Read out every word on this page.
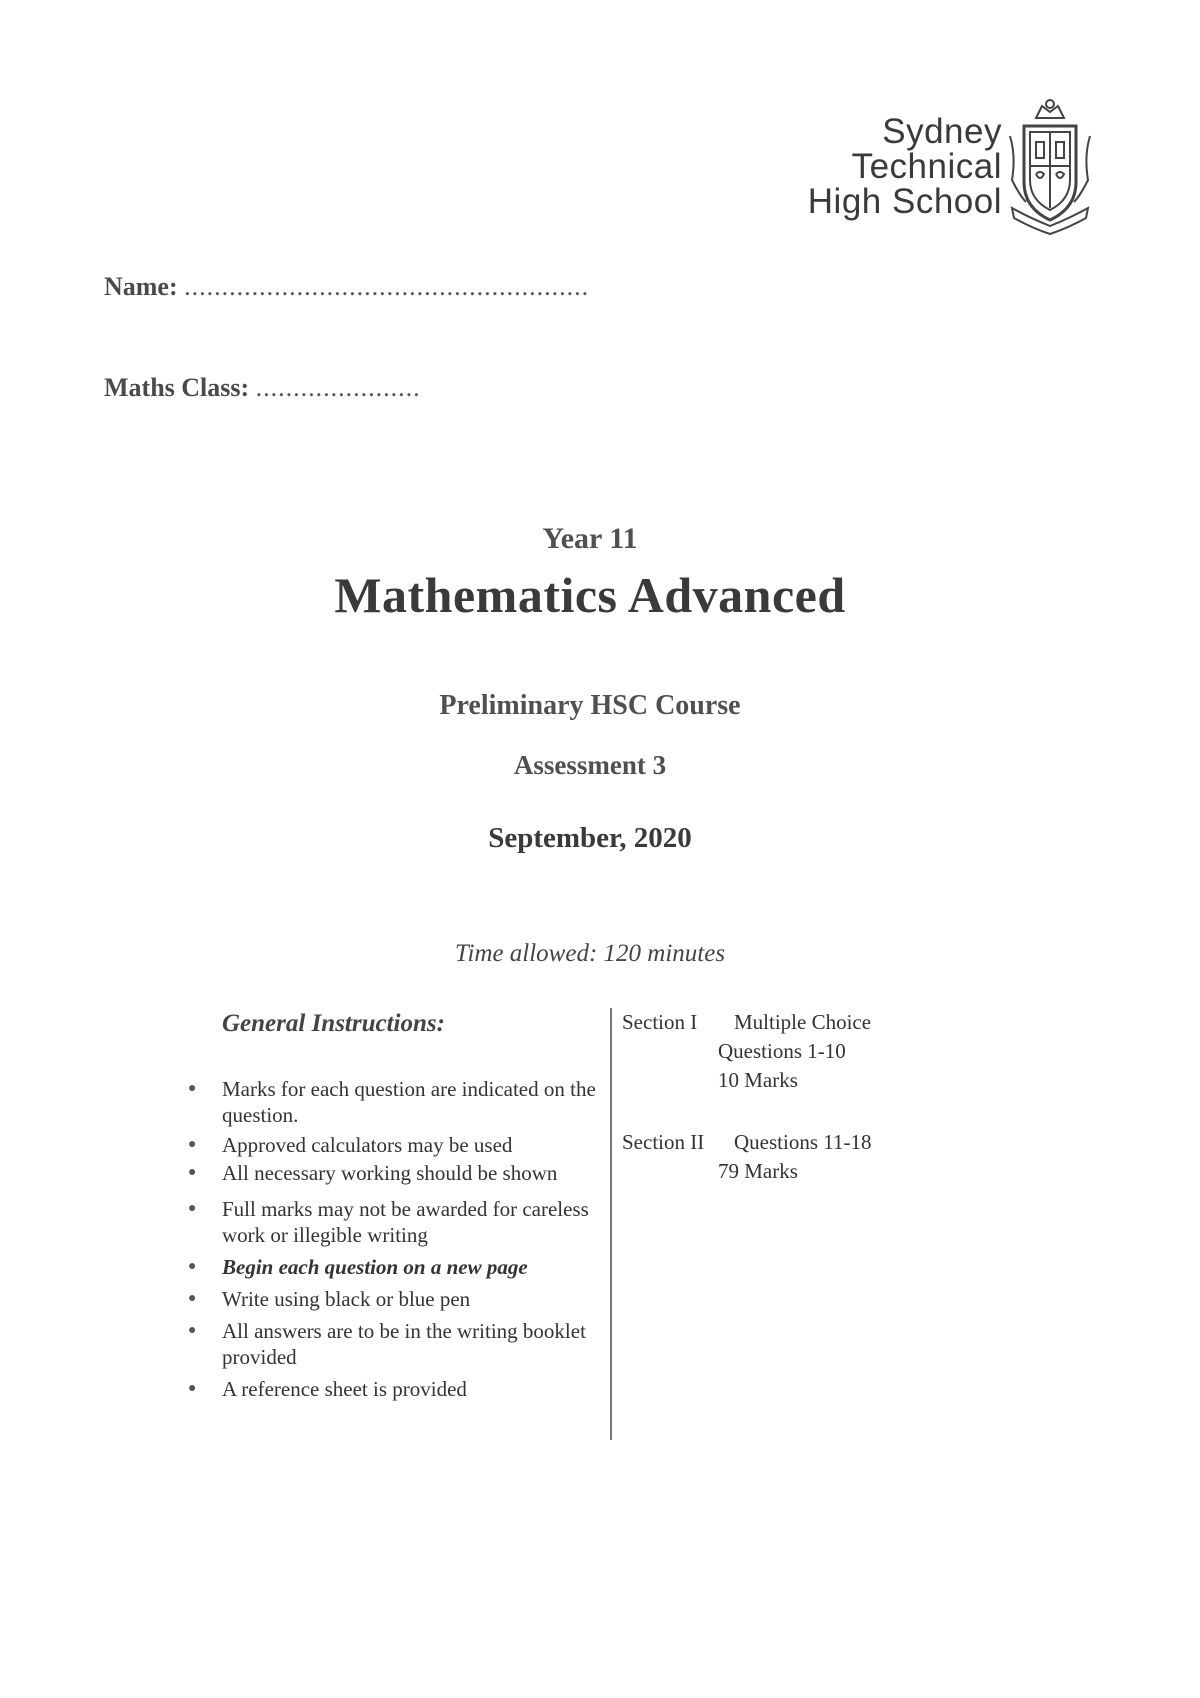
Sydney
Technical
High School
Name: ......................................................
Maths Class: ......................
Year 11
Mathematics Advanced
Preliminary HSC Course
Assessment 3
September, 2020
Time allowed: 120 minutes
General Instructions:
● Marks for each question are indicated on the question.
● Approved calculators may be used
● All necessary working should be shown
● Full marks may not be awarded for careless work or illegible writing
● Begin each question on a new page
● Write using black or blue pen
● All answers are to be in the writing booklet provided
● A reference sheet is provided
Section I Multiple Choice
Questions 1-10
10 Marks
Section II Questions 11-18
79 Marks
